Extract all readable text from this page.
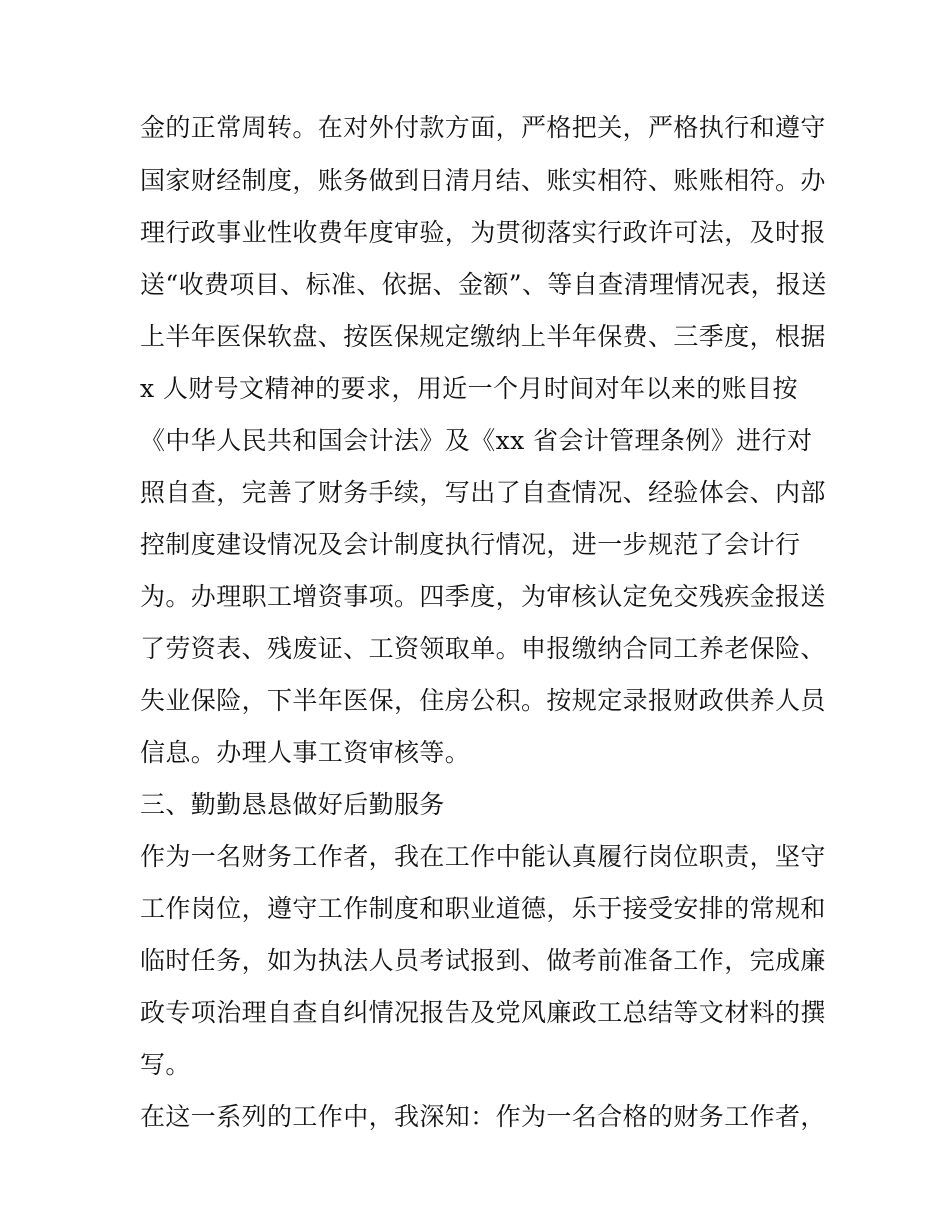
金的正常周转。在对外付款方面，严格把关，严格执行和遵守
国家财经制度，账务做到日清月结、账实相符、账账相符。办
理行政事业性收费年度审验，为贯彻落实行政许可法，及时报
送“收费项目、标准、依据、金额”、等自查清理情况表，报送
上半年医保软盘、按医保规定缴纳上半年保费、三季度，根据
x 人财号文精神的要求，用近一个月时间对年以来的账目按
《中华人民共和国会计法》及《xx 省会计管理条例》进行对
照自查，完善了财务手续，写出了自查情况、经验体会、内部
控制度建设情况及会计制度执行情况，进一步规范了会计行
为。办理职工增资事项。四季度，为审核认定免交残疾金报送
了劳资表、残废证、工资领取单。申报缴纳合同工养老保险、
失业保险，下半年医保，住房公积。按规定录报财政供养人员
信息。办理人事工资审核等。
三、勤勤恳恳做好后勤服务
作为一名财务工作者，我在工作中能认真履行岗位职责，坚守
工作岗位，遵守工作制度和职业道德，乐于接受安排的常规和
临时任务，如为执法人员考试报到、做考前准备工作，完成廉
政专项治理自查自纠情况报告及党风廉政工总结等文材料的撰
写。
在这一系列的工作中，我深知：作为一名合格的财务工作者，
